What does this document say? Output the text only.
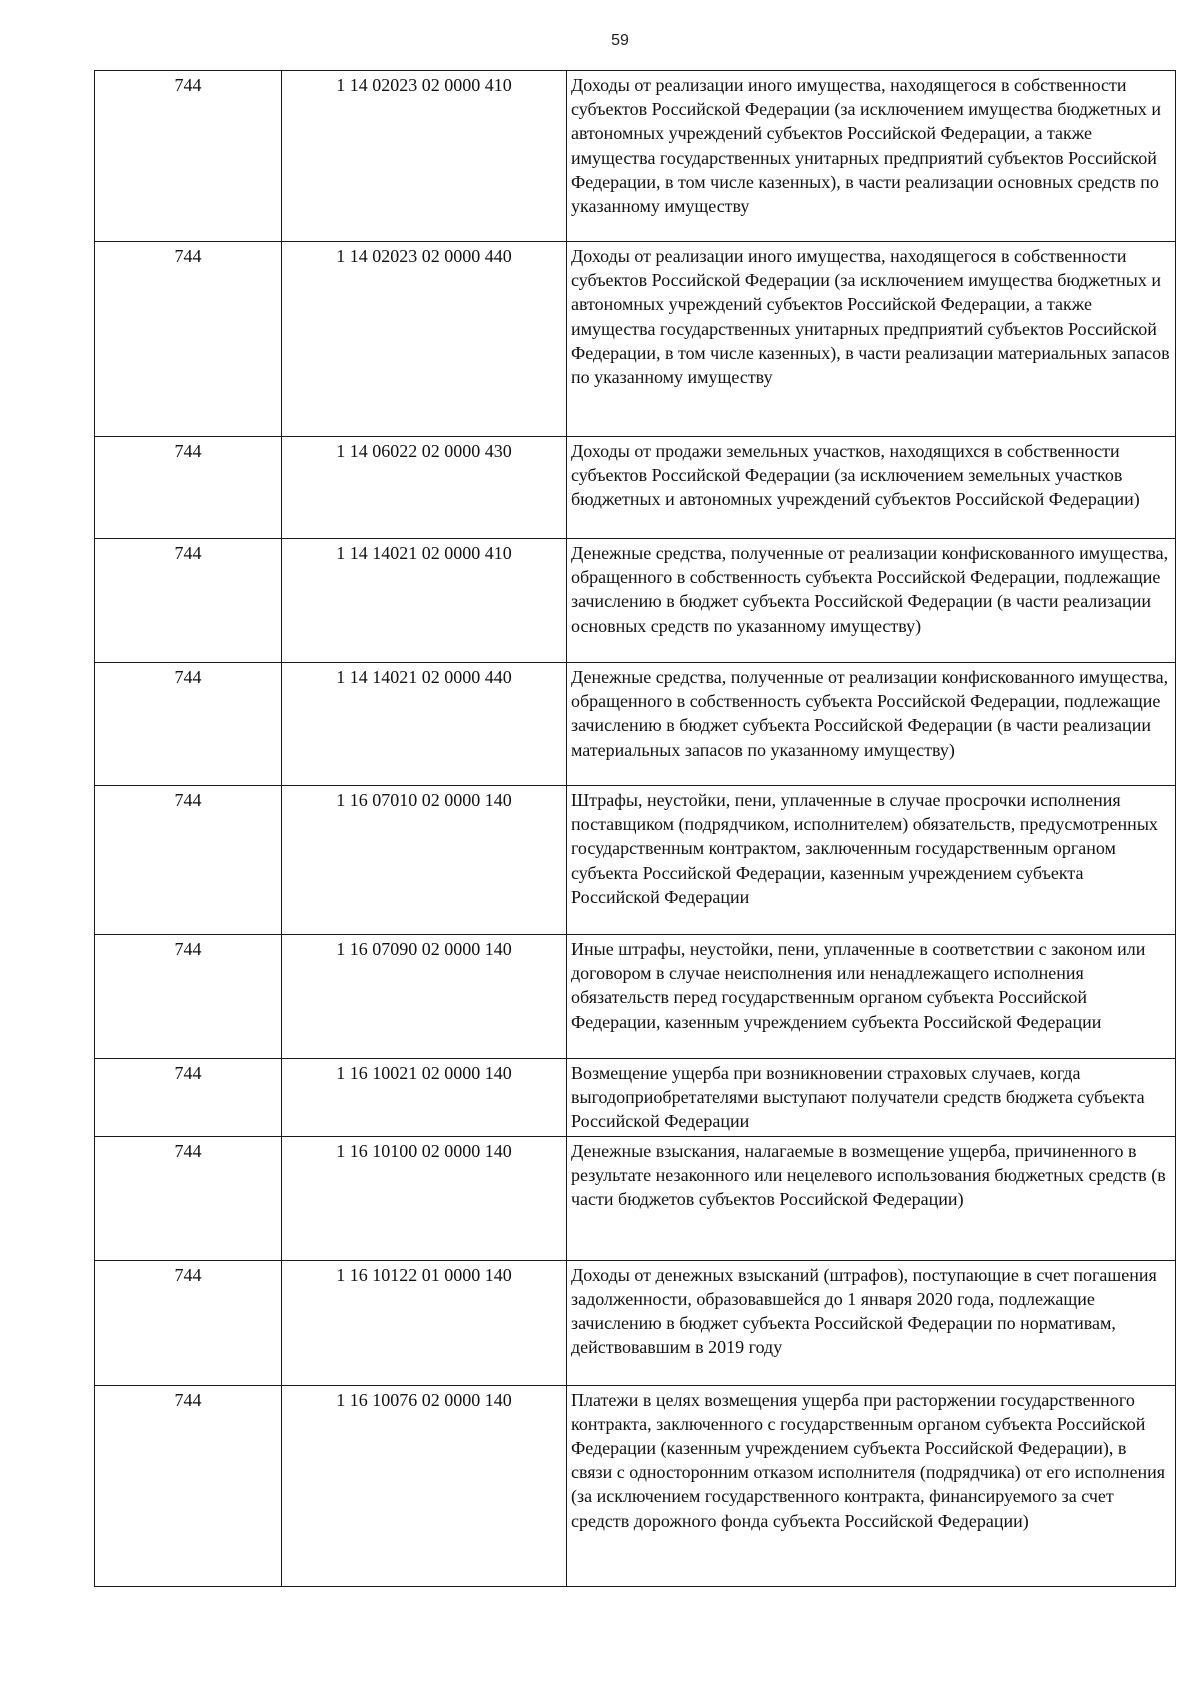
59
744	1 14 02023 02 0000 410	Доходы от реализации иного имущества, находящегося в собственности субъектов Российской Федерации (за исключением имущества бюджетных и автономных учреждений субъектов Российской Федерации, а также имущества государственных унитарных предприятий субъектов Российской Федерации, в том числе казенных), в части реализации основных средств по указанному имуществу
744	1 14 02023 02 0000 440	Доходы от реализации иного имущества, находящегося в собственности субъектов Российской Федерации (за исключением имущества бюджетных и автономных учреждений субъектов Российской Федерации, а также имущества государственных унитарных предприятий субъектов Российской Федерации, в том числе казенных), в части реализации материальных запасов по указанному имуществу
744	1 14 06022 02 0000 430	Доходы от продажи земельных участков, находящихся в собственности субъектов Российской Федерации (за исключением земельных участков бюджетных и автономных учреждений субъектов Российской Федерации)
744	1 14 14021 02 0000 410	Денежные средства, полученные от реализации конфискованного имущества, обращенного в собственность субъекта Российской Федерации, подлежащие зачислению в бюджет субъекта Российской Федерации (в части реализации основных средств по указанному имуществу)
744	1 14 14021 02 0000 440	Денежные средства, полученные от реализации конфискованного имущества, обращенного в собственность субъекта Российской Федерации, подлежащие зачислению в бюджет субъекта Российской Федерации (в части реализации материальных запасов по указанному имуществу)
744	1 16 07010 02 0000 140	Штрафы, неустойки, пени, уплаченные в случае просрочки исполнения поставщиком (подрядчиком, исполнителем) обязательств, предусмотренных государственным контрактом, заключенным государственным органом субъекта Российской Федерации, казенным учреждением субъекта Российской Федерации
744	1 16 07090 02 0000 140	Иные штрафы, неустойки, пени, уплаченные в соответствии с законом или договором в случае неисполнения или ненадлежащего исполнения обязательств перед государственным органом субъекта Российской Федерации, казенным учреждением субъекта Российской Федерации
744	1 16 10021 02 0000 140	Возмещение ущерба при возникновении страховых случаев, когда выгодоприобретателями выступают получатели средств бюджета субъекта Российской Федерации
744	1 16 10100 02 0000 140	Денежные взыскания, налагаемые в возмещение ущерба, причиненного в результате незаконного или нецелевого использования бюджетных средств (в части бюджетов субъектов Российской Федерации)
744	1 16 10122 01 0000 140	Доходы от денежных взысканий (штрафов), поступающие в счет погашения задолженности, образовавшейся до 1 января 2020 года, подлежащие зачислению в бюджет субъекта Российской Федерации по нормативам, действовавшим в 2019 году
744	1 16 10076 02 0000 140	Платежи в целях возмещения ущерба при расторжении государственного контракта, заключенного с государственным органом субъекта Российской Федерации (казенным учреждением субъекта Российской Федерации), в связи с односторонним отказом исполнителя (подрядчика) от его исполнения (за исключением государственного контракта, финансируемого за счет средств дорожного фонда субъекта Российской Федерации)
